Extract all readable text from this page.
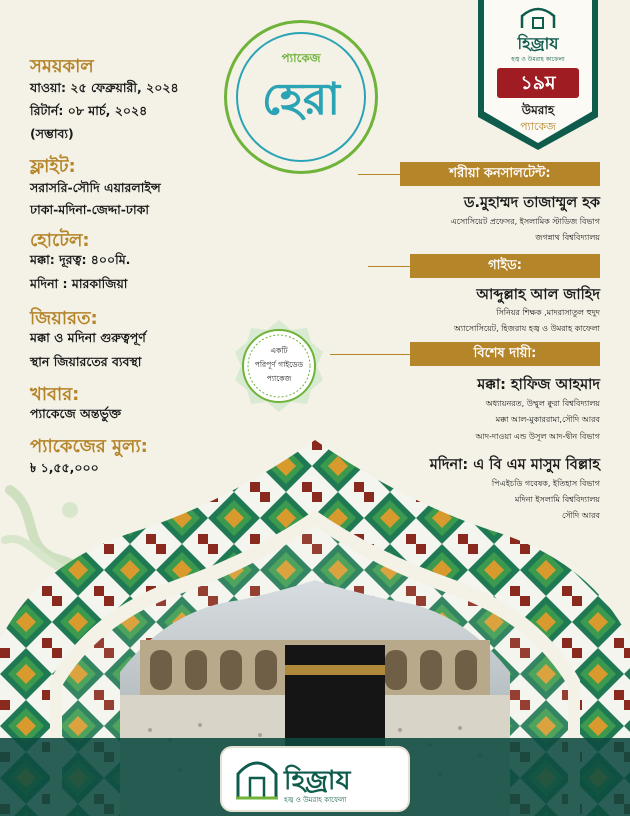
হিজ্রায
হজ্ব ও উমরাহ কাফেলা
১৯ম
উমরাহ
প্যাকেজ
প্যাকেজ
হেরা
সময়কাল
যাওয়া: ২৫ ফেব্রুয়ারী, ২০২৪
রিটার্ন: ০৮ মার্চ, ২০২৪
(সম্ভাব্য)
ফ্লাইট:
সরাসরি-সৌদি এয়ারলাইন্স
ঢাকা-মদিনা-জেদ্দা-ঢাকা
হোটেল:
মক্কা: দূরত্ব: ৪০০মি.
মদিনা : মারকাজিয়া
জিয়ারত:
মক্কা ও মদিনা গুরুত্বপূর্ণ
স্থান জিয়ারতের ব্যবস্থা
খাবার:
প্যাকেজে অন্তর্ভুক্ত
প্যাকেজের মুল্য:
৳ ১,৫৫,০০০
একটি
পরিপূর্ণ গাইডেড
প্যাকেজ
শরীয়া কনসালটেন্ট:
ড.মুহাম্মদ তাজাম্মুল হক
এসোসিয়েট প্রফেসর, ইসলামিক স্টাডিজ বিভাগ
জগন্নাথ বিশ্ববিদ্যালয়
গাইড:
আব্দুল্লাহ আল জাহিদ
সিনিয়র শিক্ষক ,মাদরাসাতুল হুদুদ
অ্যাসোসিয়েট, হিজরায হজ্ব ও উমরাহ কাফেলা
বিশেষ দায়ী:
মক্কা: হাফিজ আহমাদ
অধ্যায়নরত, উম্মুল ক্বুরা বিশ্ববিদ্যালয়
মক্কা আল-মুকাররামা,সৌদি আরব
আদ-দাওয়া এন্ড উসূল আদ-দ্বীন বিভাগ
মদিনা: এ বি এম মাসুম বিল্লাহ
পিএইচডি গবেষক, ইতিহাস বিভাগ
মদিনা ইসলামি বিশ্ববিদ্যালয়
সৌদি আরব
হিজ্রায
হজ্ব ও উমরাহ কাফেলা
